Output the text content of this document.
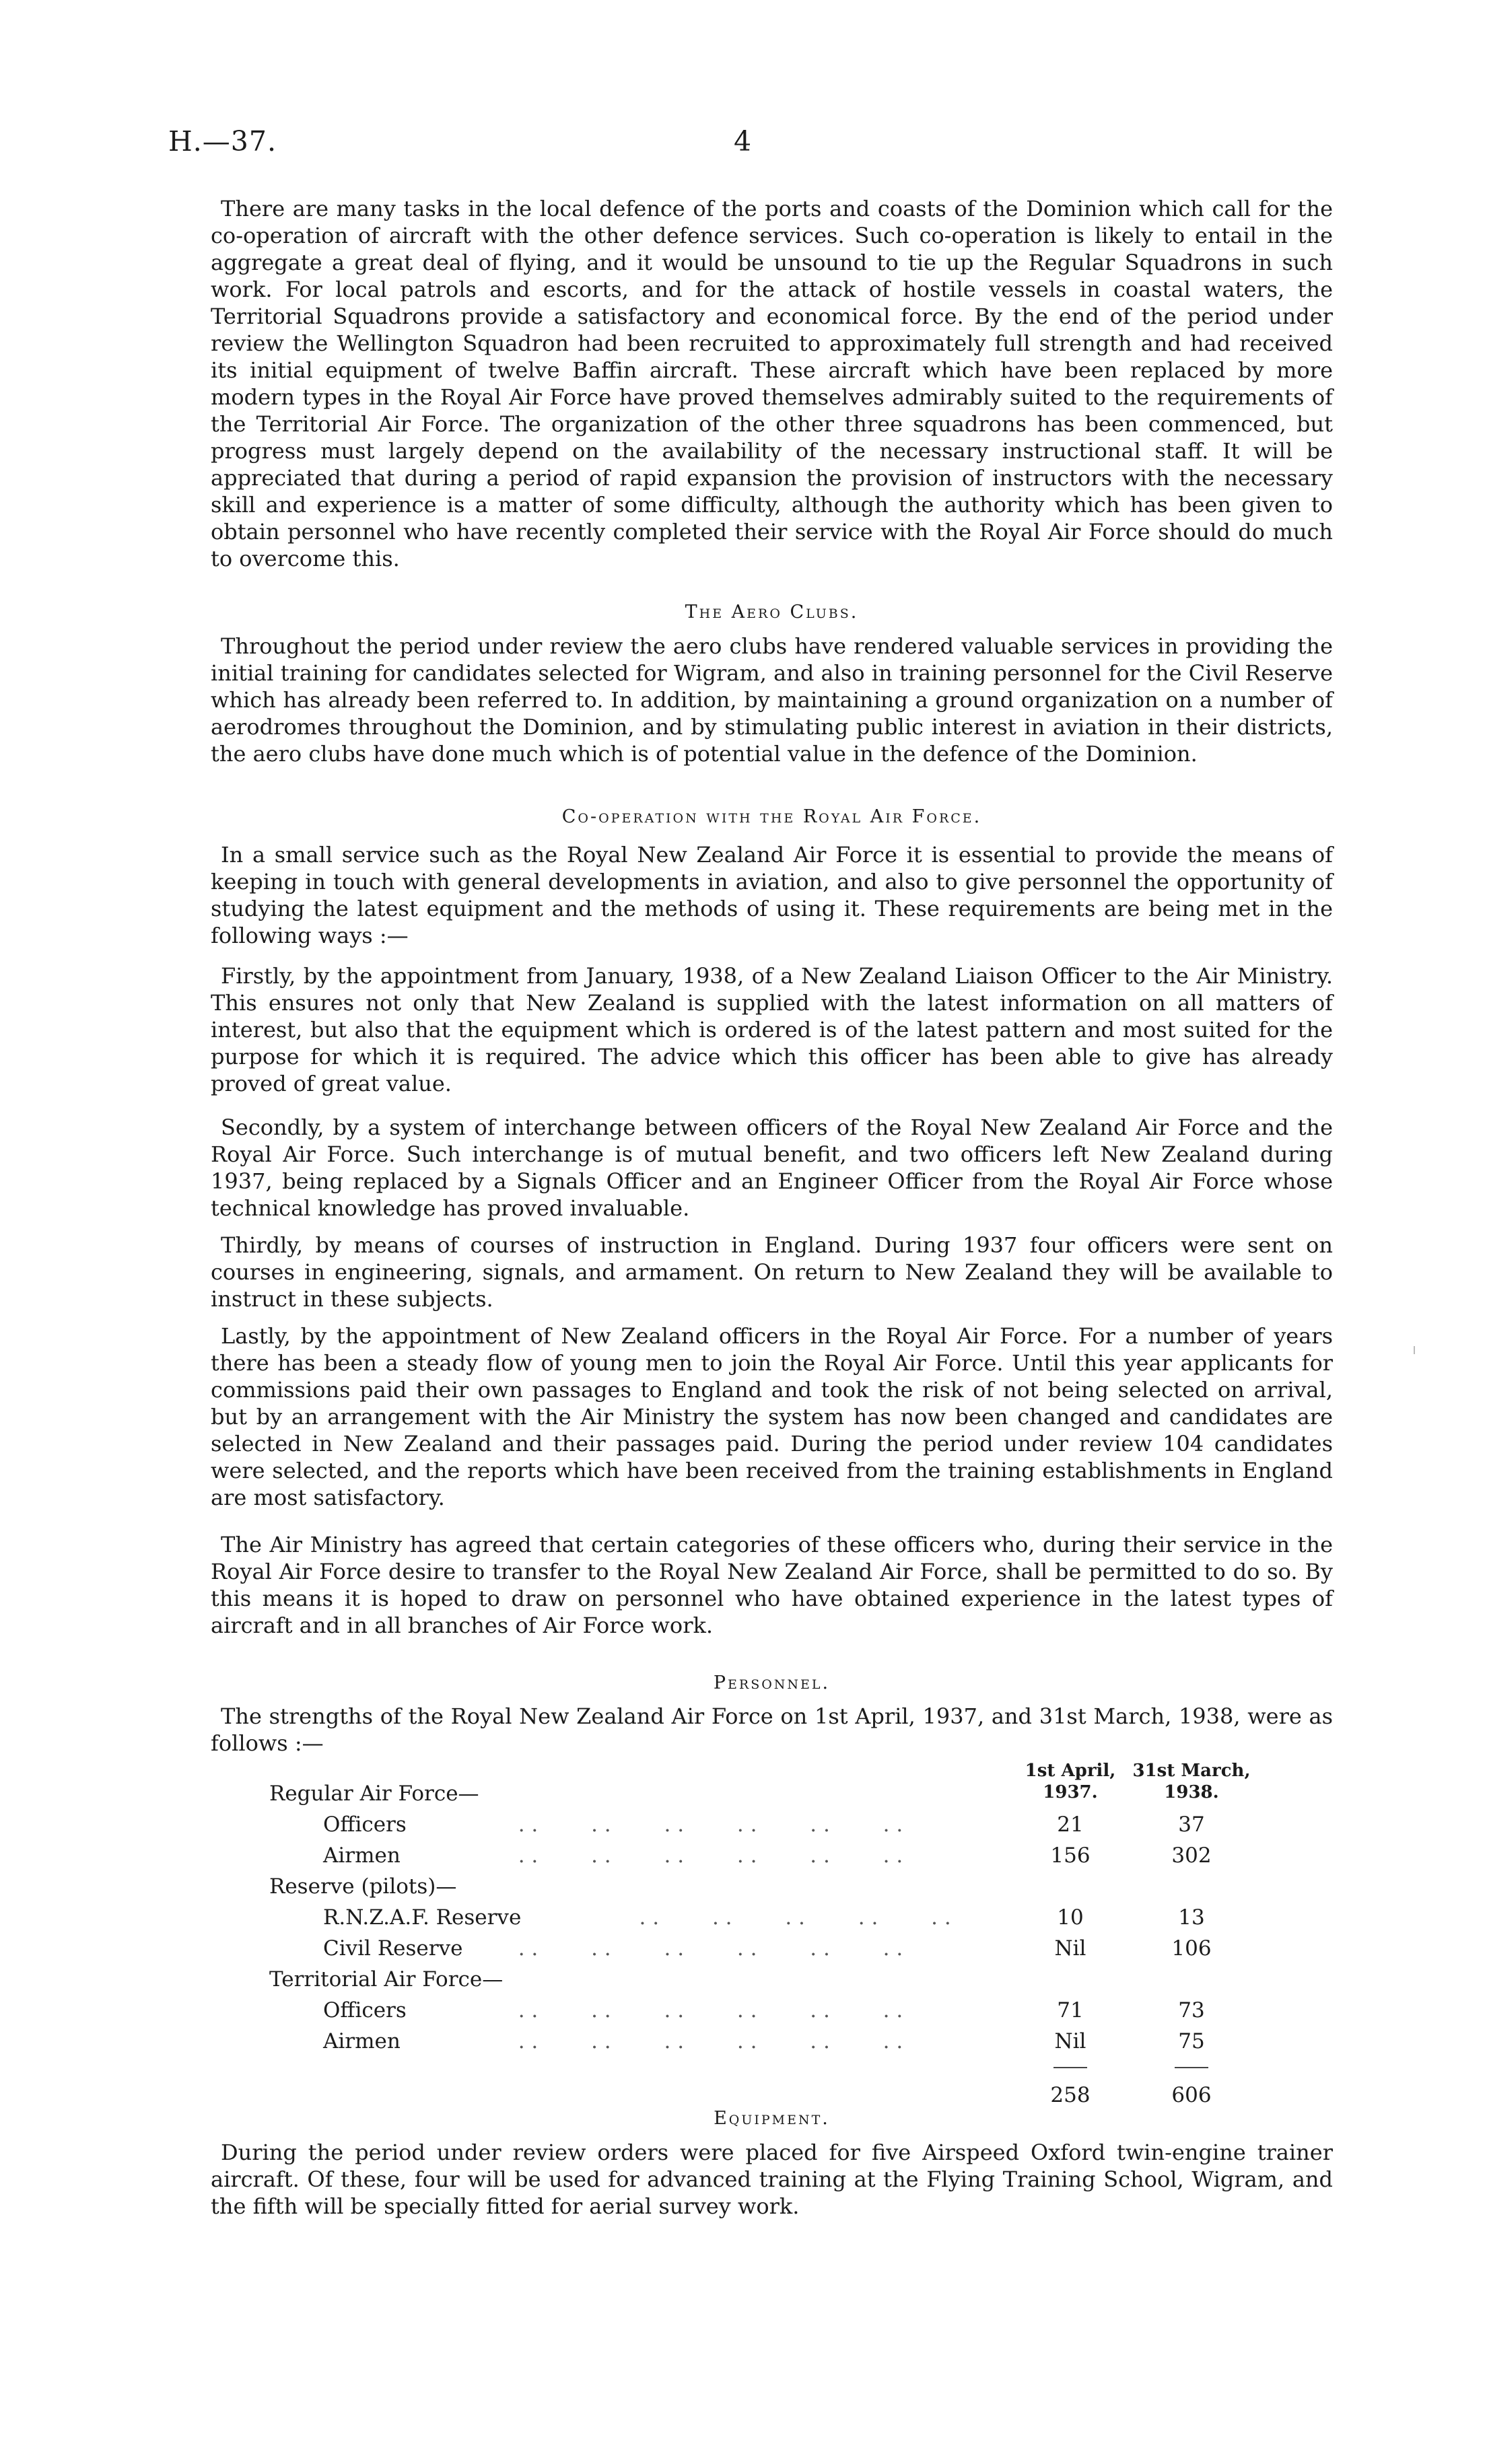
H.—37.	4

There are many tasks in the local defence of the ports and coasts of the Dominion which call for the co-operation of aircraft with the other defence services. Such co-operation is likely to entail in the aggregate a great deal of flying, and it would be unsound to tie up the Regular Squadrons in such work. For local patrols and escorts, and for the attack of hostile vessels in coastal waters, the Territorial Squadrons provide a satisfactory and economical force. By the end of the period under review the Wellington Squadron had been recruited to approximately full strength and had received its initial equipment of twelve Baffin aircraft. These aircraft which have been replaced by more modern types in the Royal Air Force have proved themselves admirably suited to the requirements of the Territorial Air Force. The organization of the other three squadrons has been commenced, but progress must largely depend on the availability of the necessary instructional staff. It will be appreciated that during a period of rapid expansion the provision of instructors with the necessary skill and experience is a matter of some difficulty, although the authority which has been given to obtain personnel who have recently completed their service with the Royal Air Force should do much to overcome this.

The Aero Clubs.

Throughout the period under review the aero clubs have rendered valuable services in providing the initial training for candidates selected for Wigram, and also in training personnel for the Civil Reserve which has already been referred to. In addition, by maintaining a ground organization on a number of aerodromes throughout the Dominion, and by stimulating public interest in aviation in their districts, the aero clubs have done much which is of potential value in the defence of the Dominion.

Co-operation with the Royal Air Force.

In a small service such as the Royal New Zealand Air Force it is essential to provide the means of keeping in touch with general developments in aviation, and also to give personnel the opportunity of studying the latest equipment and the methods of using it. These requirements are being met in the following ways :—

Firstly, by the appointment from January, 1938, of a New Zealand Liaison Officer to the Air Ministry. This ensures not only that New Zealand is supplied with the latest information on all matters of interest, but also that the equipment which is ordered is of the latest pattern and most suited for the purpose for which it is required. The advice which this officer has been able to give has already proved of great value.

Secondly, by a system of interchange between officers of the Royal New Zealand Air Force and the Royal Air Force. Such interchange is of mutual benefit, and two officers left New Zealand during 1937, being replaced by a Signals Officer and an Engineer Officer from the Royal Air Force whose technical knowledge has proved invaluable.

Thirdly, by means of courses of instruction in England. During 1937 four officers were sent on courses in engineering, signals, and armament. On return to New Zealand they will be available to instruct in these subjects.

Lastly, by the appointment of New Zealand officers in the Royal Air Force. For a number of years there has been a steady flow of young men to join the Royal Air Force. Until this year applicants for commissions paid their own passages to England and took the risk of not being selected on arrival, but by an arrangement with the Air Ministry the system has now been changed and candidates are selected in New Zealand and their passages paid. During the period under review 104 candidates were selected, and the reports which have been received from the training establishments in England are most satisfactory.

The Air Ministry has agreed that certain categories of these officers who, during their service in the Royal Air Force desire to transfer to the Royal New Zealand Air Force, shall be permitted to do so. By this means it is hoped to draw on personnel who have obtained experience in the latest types of aircraft and in all branches of Air Force work.

Personnel.

The strengths of the Royal New Zealand Air Force on 1st April, 1937, and 31st March, 1938, were as follows :—

1st April,
1937.
31st March,
1938.
Regular Air Force—
Officers	. .        . .        . .        . .        . .        . .	21	37
Airmen	. .        . .        . .        . .        . .        . .	156	302
Reserve (pilots)—
R.N.Z.A.F. Reserve	. .        . .        . .        . .        . .	10	13
Civil Reserve . .        . .        . .        . .        . .        . .	Nil	106
Territorial Air Force—
Officers	. .        . .        . .        . .        . .        . .	71	73
Airmen	. .        . .        . .        . .        . .        . .	Nil	75
258	606
Equipment.

During the period under review orders were placed for five Airspeed Oxford twin-engine trainer aircraft. Of these, four will be used for advanced training at the Flying Training School, Wigram, and the fifth will be specially fitted for aerial survey work.
